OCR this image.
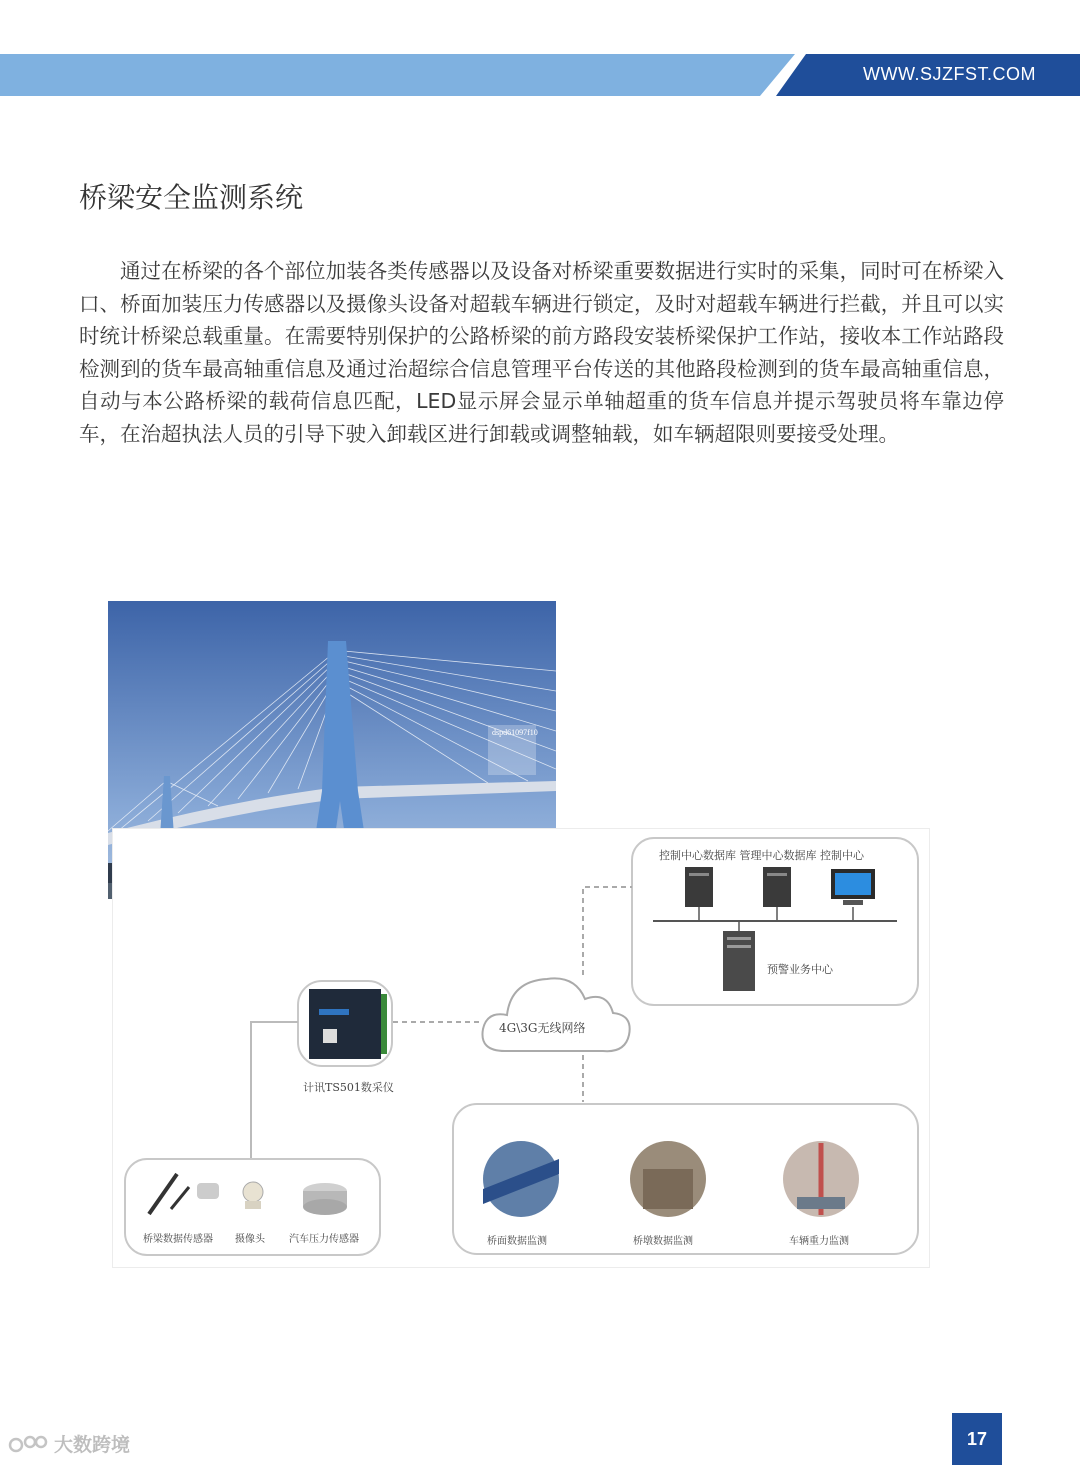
WWW.SJZFST.COM
桥梁安全监测系统
通过在桥梁的各个部位加装各类传感器以及设备对桥梁重要数据进行实时的采集，同时可在桥梁入口、桥面加装压力传感器以及摄像头设备对超载车辆进行锁定，及时对超载车辆进行拦截，并且可以实时统计桥梁总载重量。在需要特别保护的公路桥梁的前方路段安装桥梁保护工作站，接收本工作站路段检测到的货车最高轴重信息及通过治超综合信息管理平台传送的其他路段检测到的货车最高轴重信息，自动与本公路桥梁的载荷信息匹配，LED显示屏会显示单轴超重的货车信息并提示驾驶员将车靠边停车，在治超执法人员的引导下驶入卸载区进行卸载或调整轴载，如车辆超限则要接受处理。
dspd61097f10
控制中心数据库 管理中心数据库 控制中心
预警业务中心
4G\3G无线网络
计讯TS501数采仪
桥梁数据传感器 摄像头 汽车压力传感器	桥面数据监测	桥墩数据监测	车辆重力监测
大数跨境	17
